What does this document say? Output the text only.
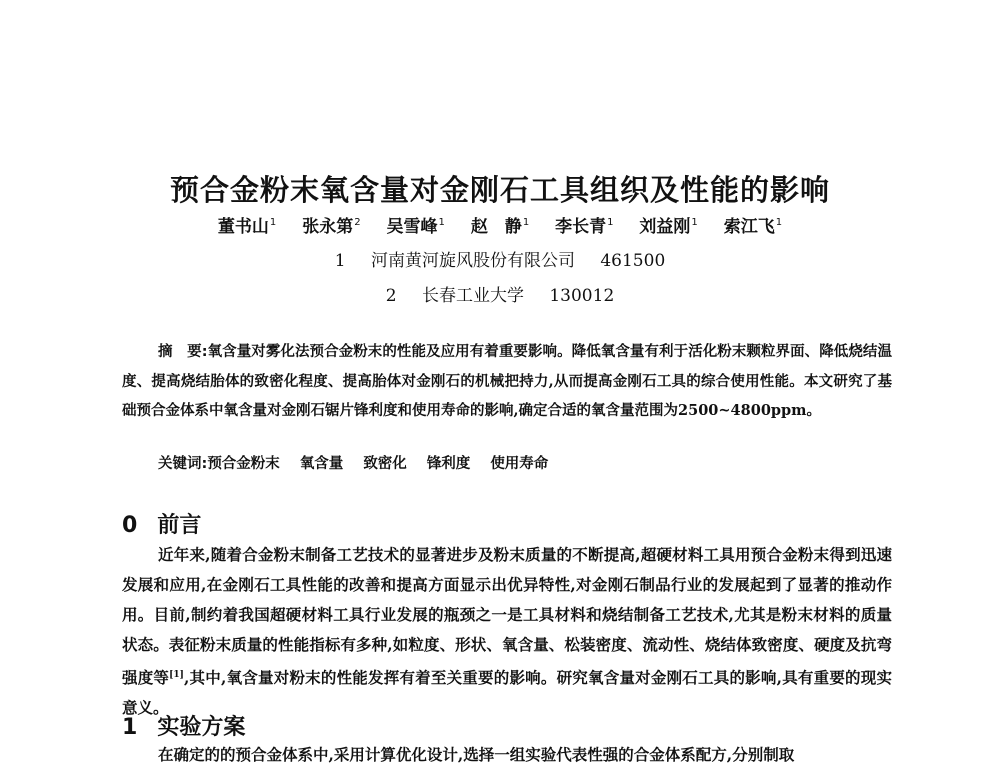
预合金粉末氧含量对金刚石工具组织及性能的影响
董书山$^1$ 张永第$^2$ 吴雪峰$^1$ 赵　静$^1$ 李长青$^1$ 刘益刚$^1$ 索江飞$^1$
1 河南黄河旋风股份有限公司 461500
2 长春工业大学 130012
摘　要:氧含量对雾化法预合金粉末的性能及应用有着重要影响。降低氧含量有利于活化粉末颗粒界面、降低烧结温度、提高烧结胎体的致密化程度、提高胎体对金刚石的机械把持力,从而提高金刚石工具的综合使用性能。本文研究了基础预合金体系中氧含量对金刚石锯片锋利度和使用寿命的影响,确定合适的氧含量范围为2500~4800ppm。
关键词:预合金粉末 氧含量 致密化 锋利度 使用寿命
0 前言
近年来,随着合金粉末制备工艺技术的显著进步及粉末质量的不断提高,超硬材料工具用预合金粉末得到迅速发展和应用,在金刚石工具性能的改善和提高方面显示出优异特性,对金刚石制品行业的发展起到了显著的推动作用。目前,制约着我国超硬材料工具行业发展的瓶颈之一是工具材料和烧结制备工艺技术,尤其是粉末材料的质量状态。表征粉末质量的性能指标有多种,如粒度、形状、氧含量、松装密度、流动性、烧结体致密度、硬度及抗弯强度等[1],其中,氧含量对粉末的性能发挥有着至关重要的影响。研究氧含量对金刚石工具的影响,具有重要的现实意义。
1 实验方案
在确定的的预合金体系中,采用计算优化设计,选择一组实验代表性强的合金体系配方,分别制取
